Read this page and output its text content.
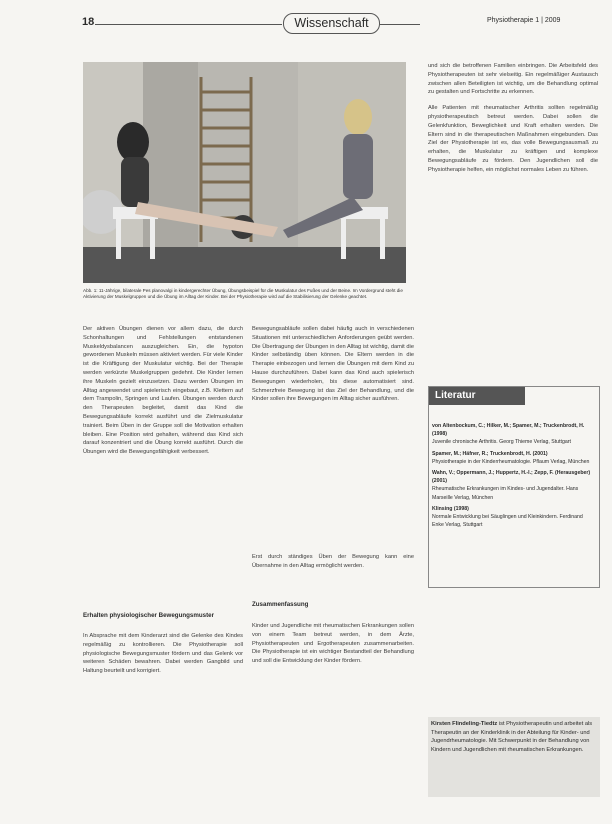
18	Wissenschaft	Physiotherapie 1 | 2009
Abb. 1: 11-Jährige, bilaterale Pes planovalgi in kindergerechter Übung, Übungsbeispiel für die Muskulatur des Fußes und der Beine. Im Vordergrund steht die Aktivierung der Muskelgruppen und die Übung im Alltag der Kinder. Bei der Physiotherapie wird auf die Stabilisierung der Gelenke geachtet.

Der aktiven Übungen dienen vor allem dazu, die durch Schonhaltungen und Fehlstellungen entstandenen Muskeldysbalancen auszugleichen. Ein, die hypoton gewordenen Muskeln müssen aktiviert werden. Für viele Kinder ist die Kräftigung der Muskulatur wichtig. Bei der Therapie werden verkürzte Muskelgruppen gedehnt. Die Kinder lernen ihre Muskeln gezielt einzusetzen. Dazu werden Übungen im Alltag angewendet und spielerisch eingebaut, z.B. Klettern auf dem Trampolin, Springen und Laufen. Übungen werden durch den Therapeuten begleitet, damit das Kind die Bewegungsabläufe korrekt ausführt und die Zielmuskulatur trainiert. Beim Üben in der Gruppe soll die Motivation erhalten bleiben. Eine Position wird gehalten, während das Kind sich darauf konzentriert und die Übung korrekt ausführt. Durch die Übungen wird die Bewegungsfähigkeit verbessert.

Erhalten physiologischer Bewegungsmuster

In Absprache mit dem Kinderarzt sind die Gelenke des Kindes regelmäßig zu kontrollieren. Die Physiotherapie soll physiologische Bewegungsmuster fördern und das Gelenk vor weiteren Schäden bewahren. Dabei werden Gangbild und Haltung beurteilt und korrigiert.

Bewegungsabläufe sollen dabei häufig auch in verschiedenen Situationen mit unterschiedlichen Anforderungen geübt werden. Die Übertragung der Übungen in den Alltag ist wichtig, damit die Kinder selbständig üben können. Die Eltern werden in die Therapie einbezogen und lernen die Übungen mit dem Kind zu Hause durchzuführen. Dabei kann das Kind auch spielerisch Bewegungen wiederholen, bis diese automatisiert sind. Schmerzfreie Bewegung ist das Ziel der Behandlung, und die Kinder sollen ihre Bewegungen im Alltag sicher ausführen.

Erst durch ständiges Üben der Bewegung kann eine Übernahme in den Alltag ermöglicht werden.

Zusammenfassung

Kinder und Jugendliche mit rheumatischen Erkrankungen sollen von einem Team betreut werden, in dem Ärzte, Physiotherapeuten und Ergotherapeuten zusammenarbeiten. Die Physiotherapie ist ein wichtiger Bestandteil der Behandlung und soll die Entwicklung der Kinder fördern.

und sich die betroffenen Familien einbringen. Die Arbeitsfeld des Physiotherapeuten ist sehr vielseitig. Ein regelmäßiger Austausch zwischen allen Beteiligten ist wichtig, um die Behandlung optimal zu gestalten und Fortschritte zu erkennen.

Alle Patienten mit rheumatischer Arthritis sollten regelmäßig physiotherapeutisch betreut werden. Dabei sollen die Gelenkfunktion, Beweglichkeit und Kraft erhalten werden. Die Eltern sind in die therapeutischen Maßnahmen eingebunden. Das Ziel der Physiotherapie ist es, das volle Bewegungsausmaß zu erhalten, die Muskulatur zu kräftigen und komplexe Bewegungsabläufe zu fördern. Den Jugendlichen soll die Physiotherapie helfen, ein möglichst normales Leben zu führen.

Literatur
von Altenbockum, C.; Hilker, M.; Spamer, M.; Truckenbrodt, H. (1998)
Juvenile chronische Arthritis. Georg Thieme Verlag, Stuttgart
Spamer, M.; Häfner, R.; Truckenbrodt, H. (2001)
Physiotherapie in der Kinderrheumatologie. Pflaum Verlag, München
Wahn, V.; Oppermann, J.; Huppertz, H.-I.; Zepp, F. (Herausgeber) (2001)
Rheumatische Erkrankungen im Kindes- und Jugendalter. Hans Marseille Verlag, München
Klinsing (1998)
Normale Entwicklung bei Säuglingen und Kleinkindern. Ferdinand Enke Verlag, Stuttgart
Kirsten Flindeling-Tiedtz ist Physiotherapeutin und arbeitet als Therapeutin an der Kinderklinik in der Abteilung für Kinder- und Jugendrheumatologie. Mit Schwerpunkt in der Behandlung von Kindern und Jugendlichen mit rheumatischen Erkrankungen.
